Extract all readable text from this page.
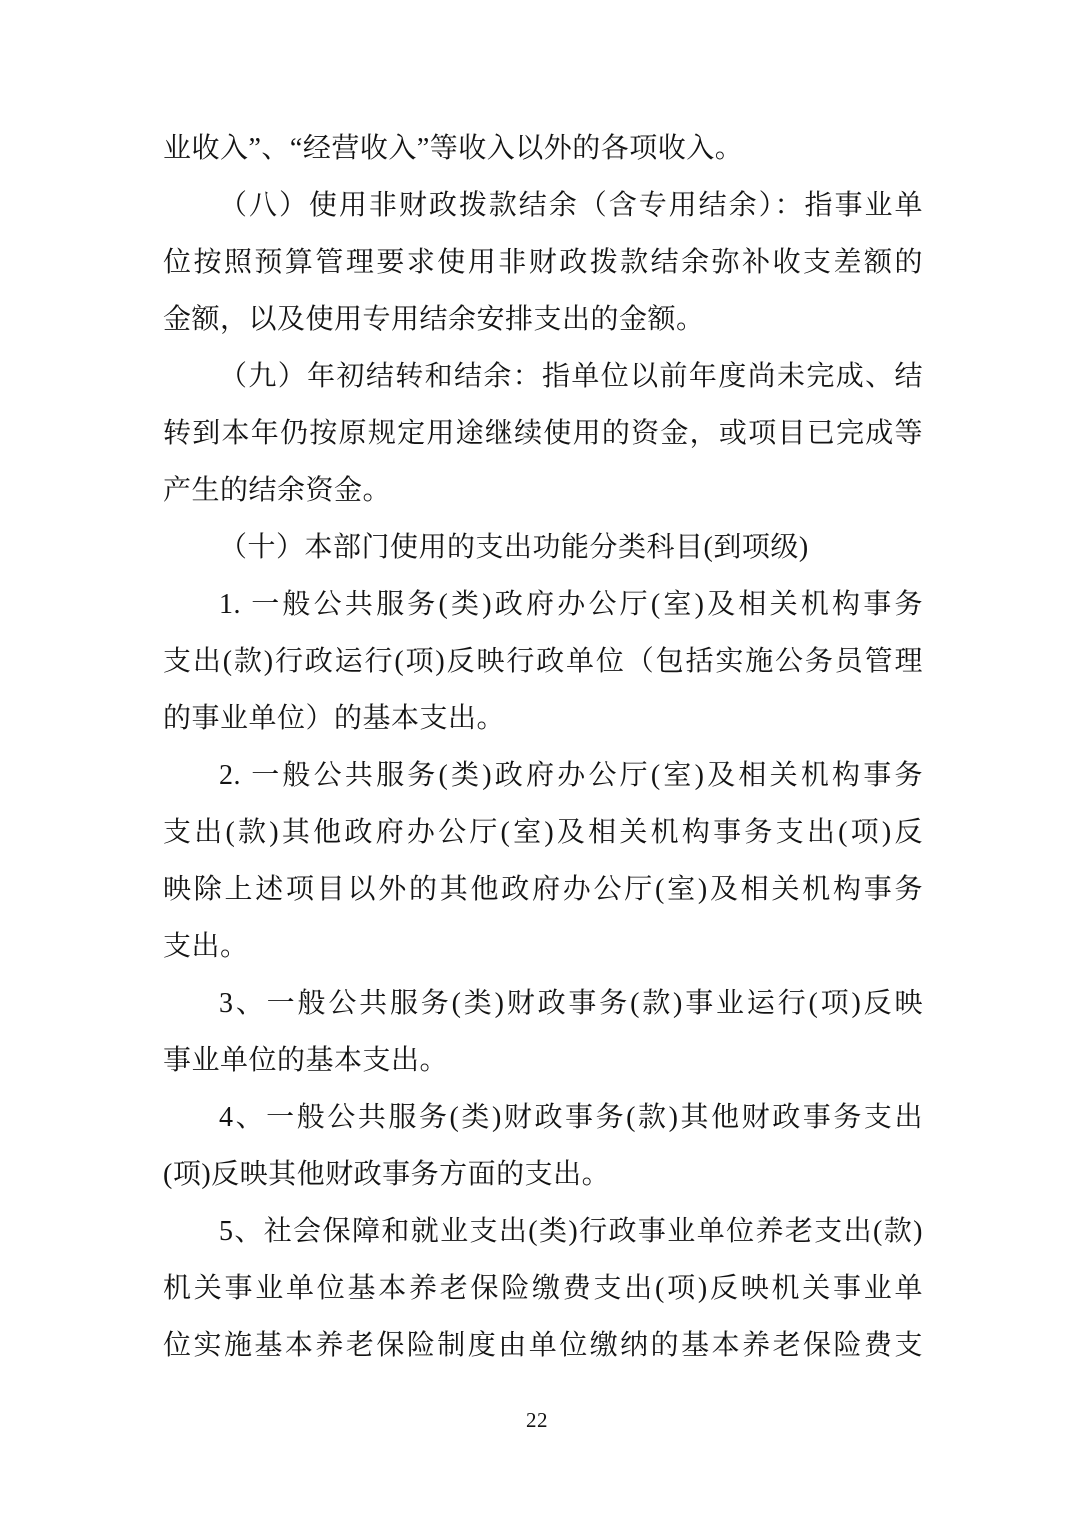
业收入”、“经营收入”等收入以外的各项收入。
（八）使用非财政拨款结余（含专用结余）：指事业单
位按照预算管理要求使用非财政拨款结余弥补收支差额的
金额，以及使用专用结余安排支出的金额。
（九）年初结转和结余：指单位以前年度尚未完成、结
转到本年仍按原规定用途继续使用的资金，或项目已完成等
产生的结余资金。
（十）本部门使用的支出功能分类科目(到项级)
1. 一般公共服务(类)政府办公厅(室)及相关机构事务
支出(款)行政运行(项)反映行政单位（包括实施公务员管理
的事业单位）的基本支出。
2. 一般公共服务(类)政府办公厅(室)及相关机构事务
支出(款)其他政府办公厅(室)及相关机构事务支出(项)反
映除上述项目以外的其他政府办公厅(室)及相关机构事务
支出。
3、一般公共服务(类)财政事务(款)事业运行(项)反映
事业单位的基本支出。
4、一般公共服务(类)财政事务(款)其他财政事务支出
(项)反映其他财政事务方面的支出。
5、社会保障和就业支出(类)行政事业单位养老支出(款)
机关事业单位基本养老保险缴费支出(项)反映机关事业单
位实施基本养老保险制度由单位缴纳的基本养老保险费支
22
